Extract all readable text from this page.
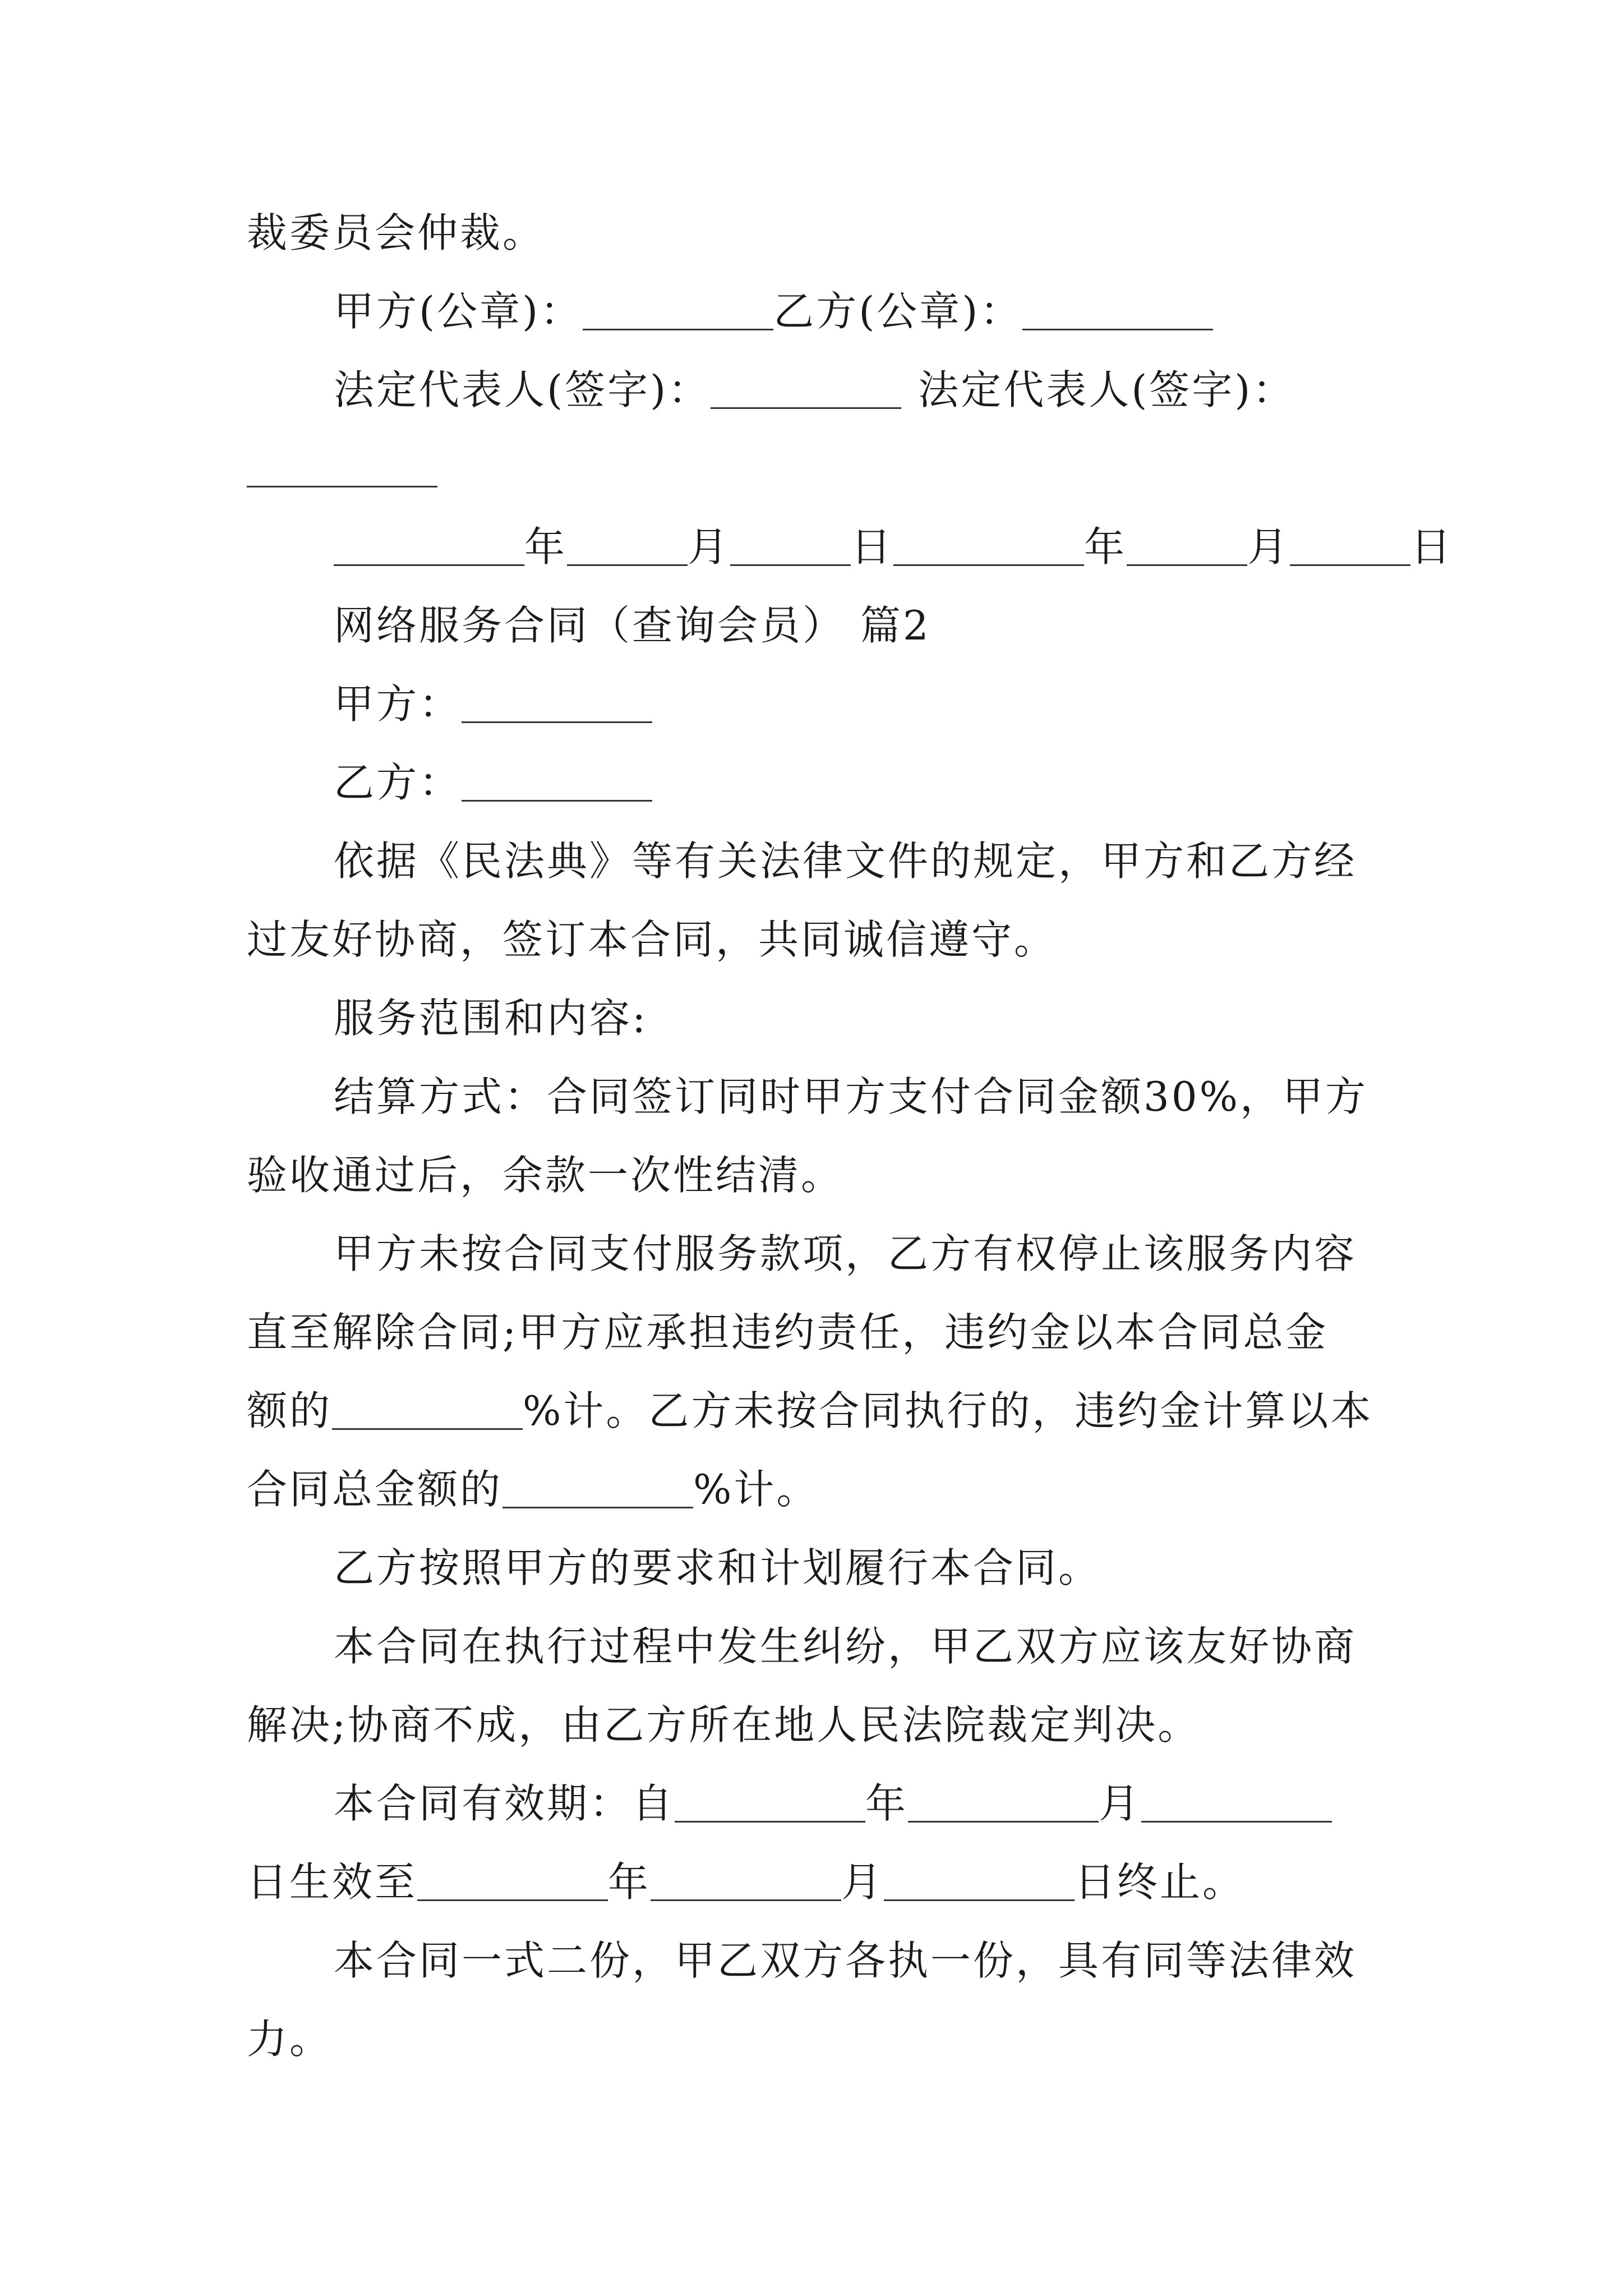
裁委员会仲裁。
甲方(公章)：	乙方(公章)：
法定代表人(签字)：	法定代表人(签字)：
年	月	日	年	月	日
网络服务合同（查询会员） 篇2
甲方：
乙方：
依据《民法典》等有关法律文件的规定，甲方和乙方经
过友好协商，签订本合同，共同诚信遵守。
服务范围和内容:
结算方式：合同签订同时甲方支付合同金额30%，甲方
验收通过后，余款一次性结清。
甲方未按合同支付服务款项，乙方有权停止该服务内容
直至解除合同;甲方应承担违约责任，违约金以本合同总金
额的	%计。乙方未按合同执行的，违约金计算以本
合同总金额的	%计。
乙方按照甲方的要求和计划履行本合同。
本合同在执行过程中发生纠纷，甲乙双方应该友好协商
解决;协商不成，由乙方所在地人民法院裁定判决。
本合同有效期：自	年	月
日生效至	年	月	日终止。
本合同一式二份，甲乙双方各执一份，具有同等法律效
力。
